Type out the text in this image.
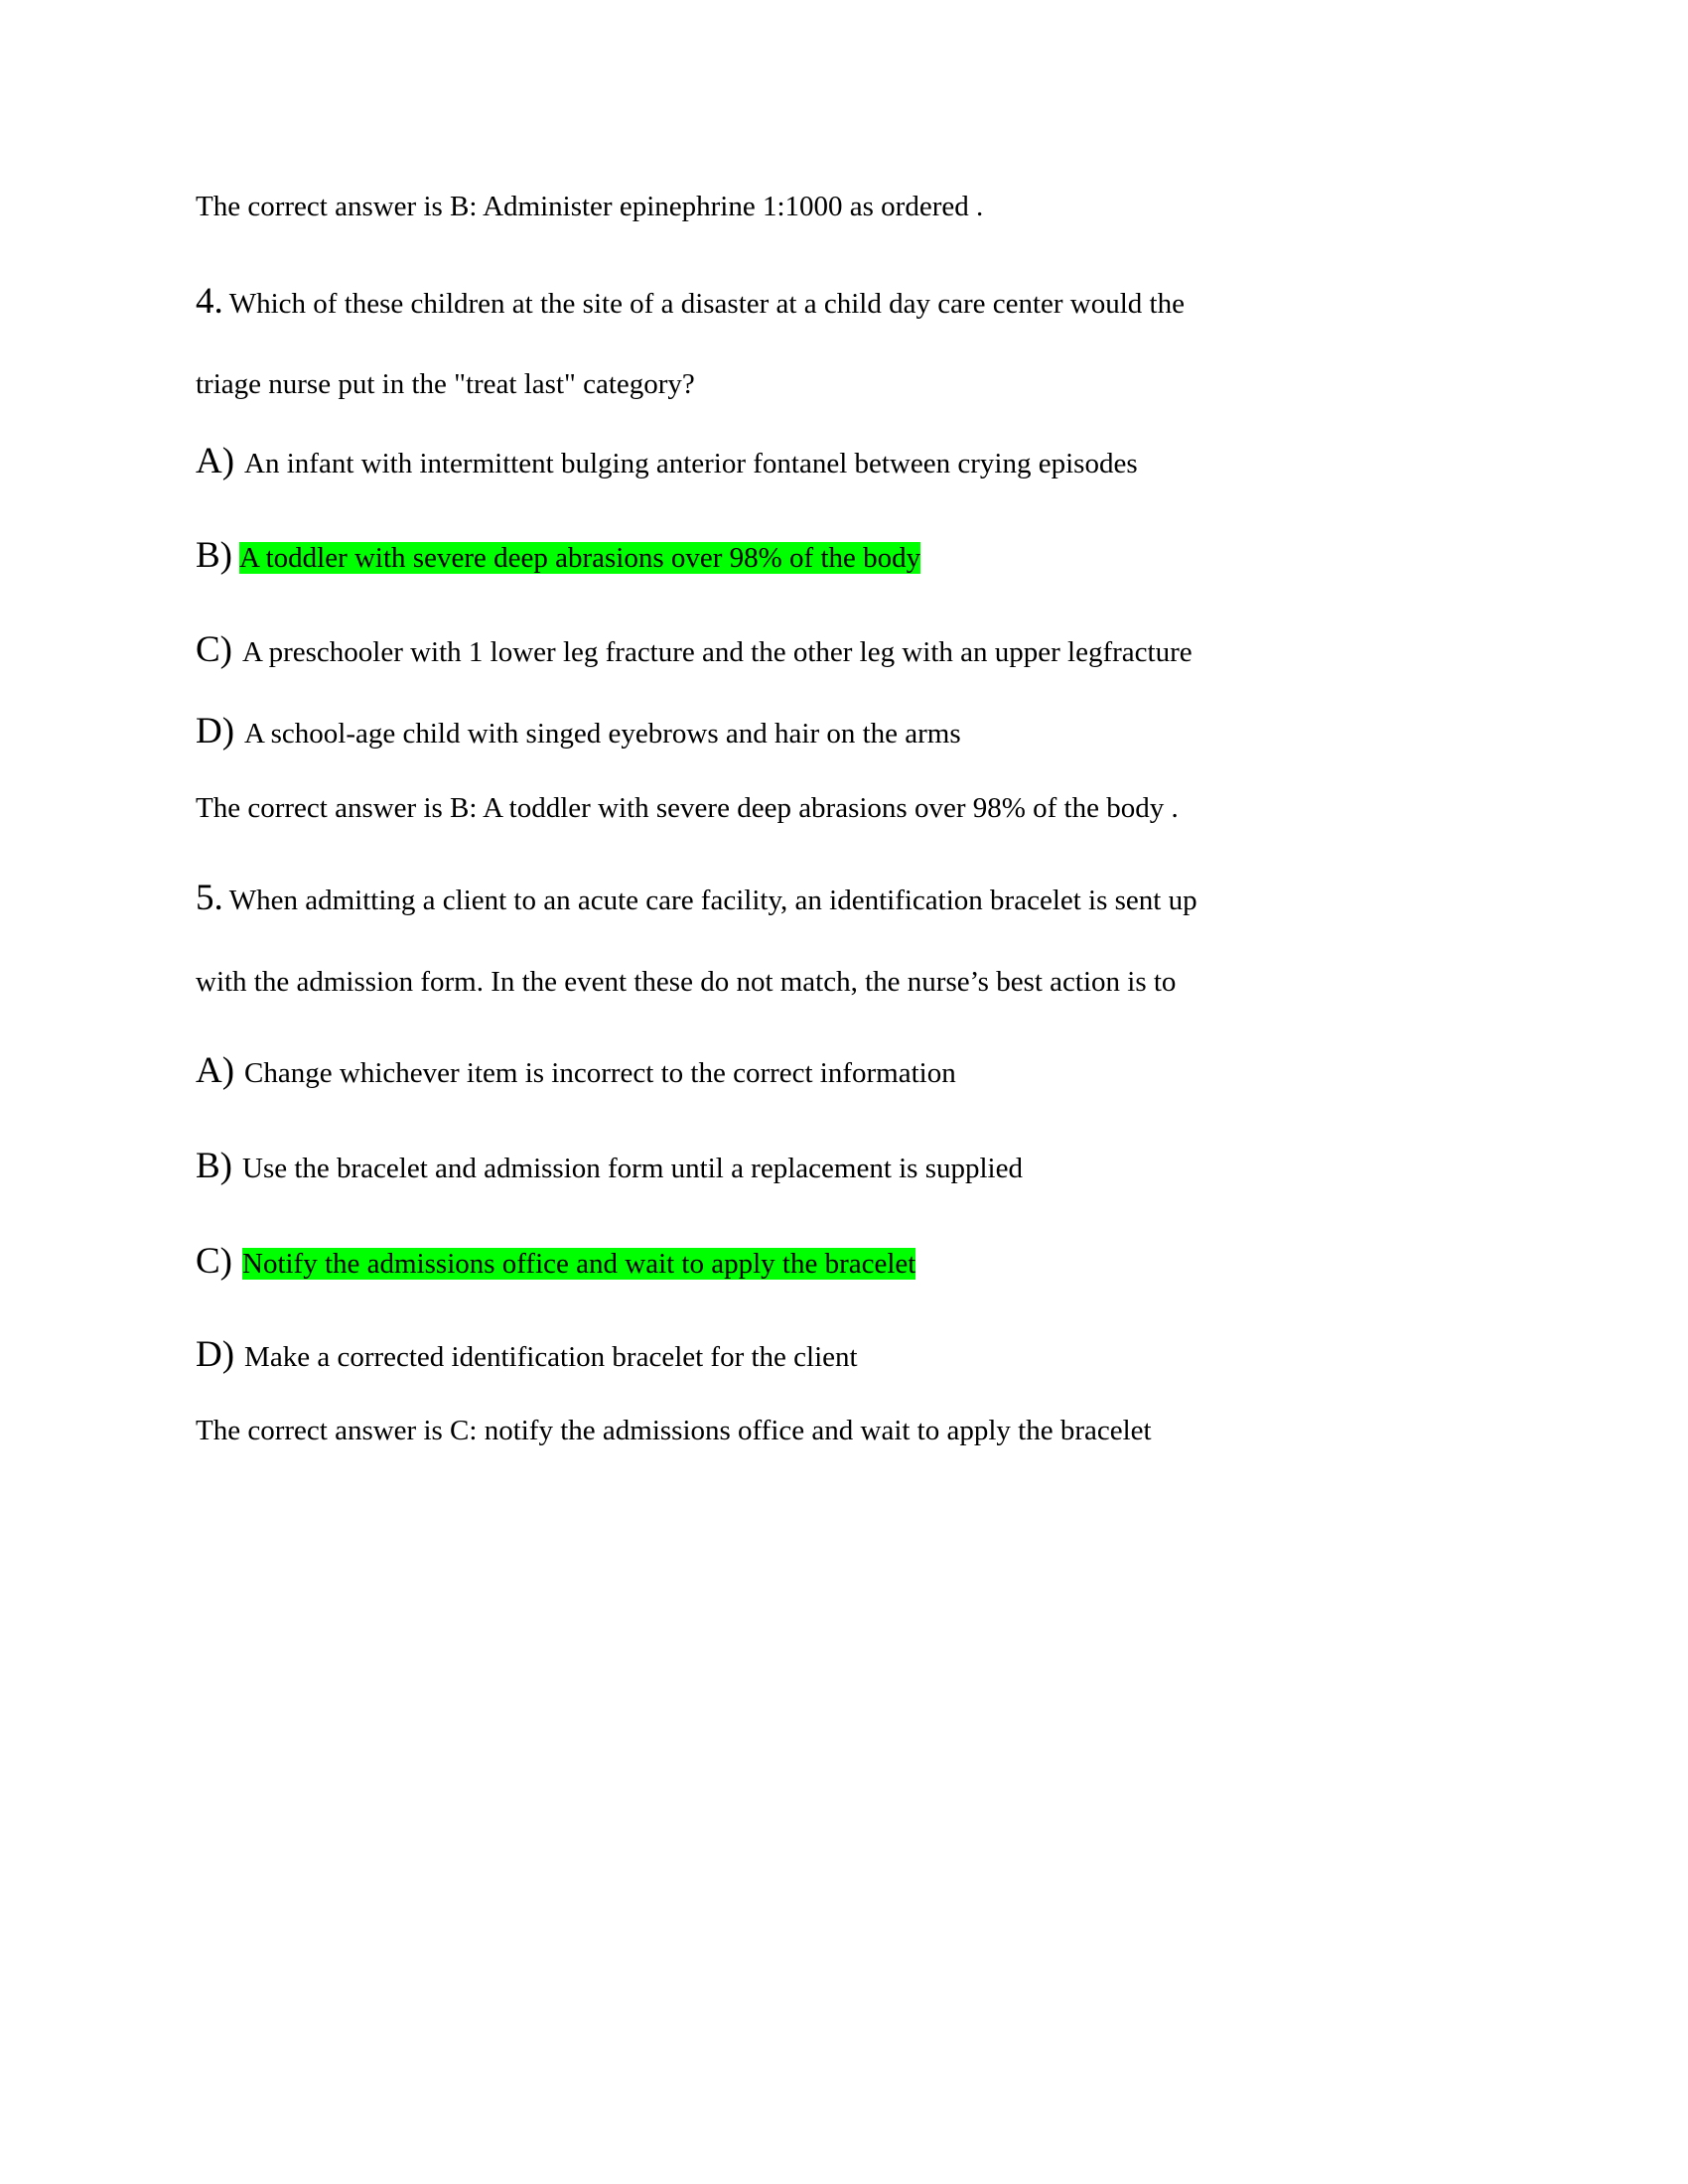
The correct answer is B: Administer epinephrine 1:1000 as ordered .
4. Which of these children at the site of a disaster at a child day care center would the
triage nurse put in the "treat last" category?
A) An infant with intermittent bulging anterior fontanel between crying episodes
B) A toddler with severe deep abrasions over 98% of the body
C) A preschooler with 1 lower leg fracture and the other leg with an upper legfracture
D) A school-age child with singed eyebrows and hair on the arms
The correct answer is B: A toddler with severe deep abrasions over 98% of the body .
5. When admitting a client to an acute care facility, an identification bracelet is sent up
with the admission form. In the event these do not match, the nurse’s best action is to
A) Change whichever item is incorrect to the correct information
B) Use the bracelet and admission form until a replacement is supplied
C) Notify the admissions office and wait to apply the bracelet
D) Make a corrected identification bracelet for the client
The correct answer is C: notify the admissions office and wait to apply the bracelet
